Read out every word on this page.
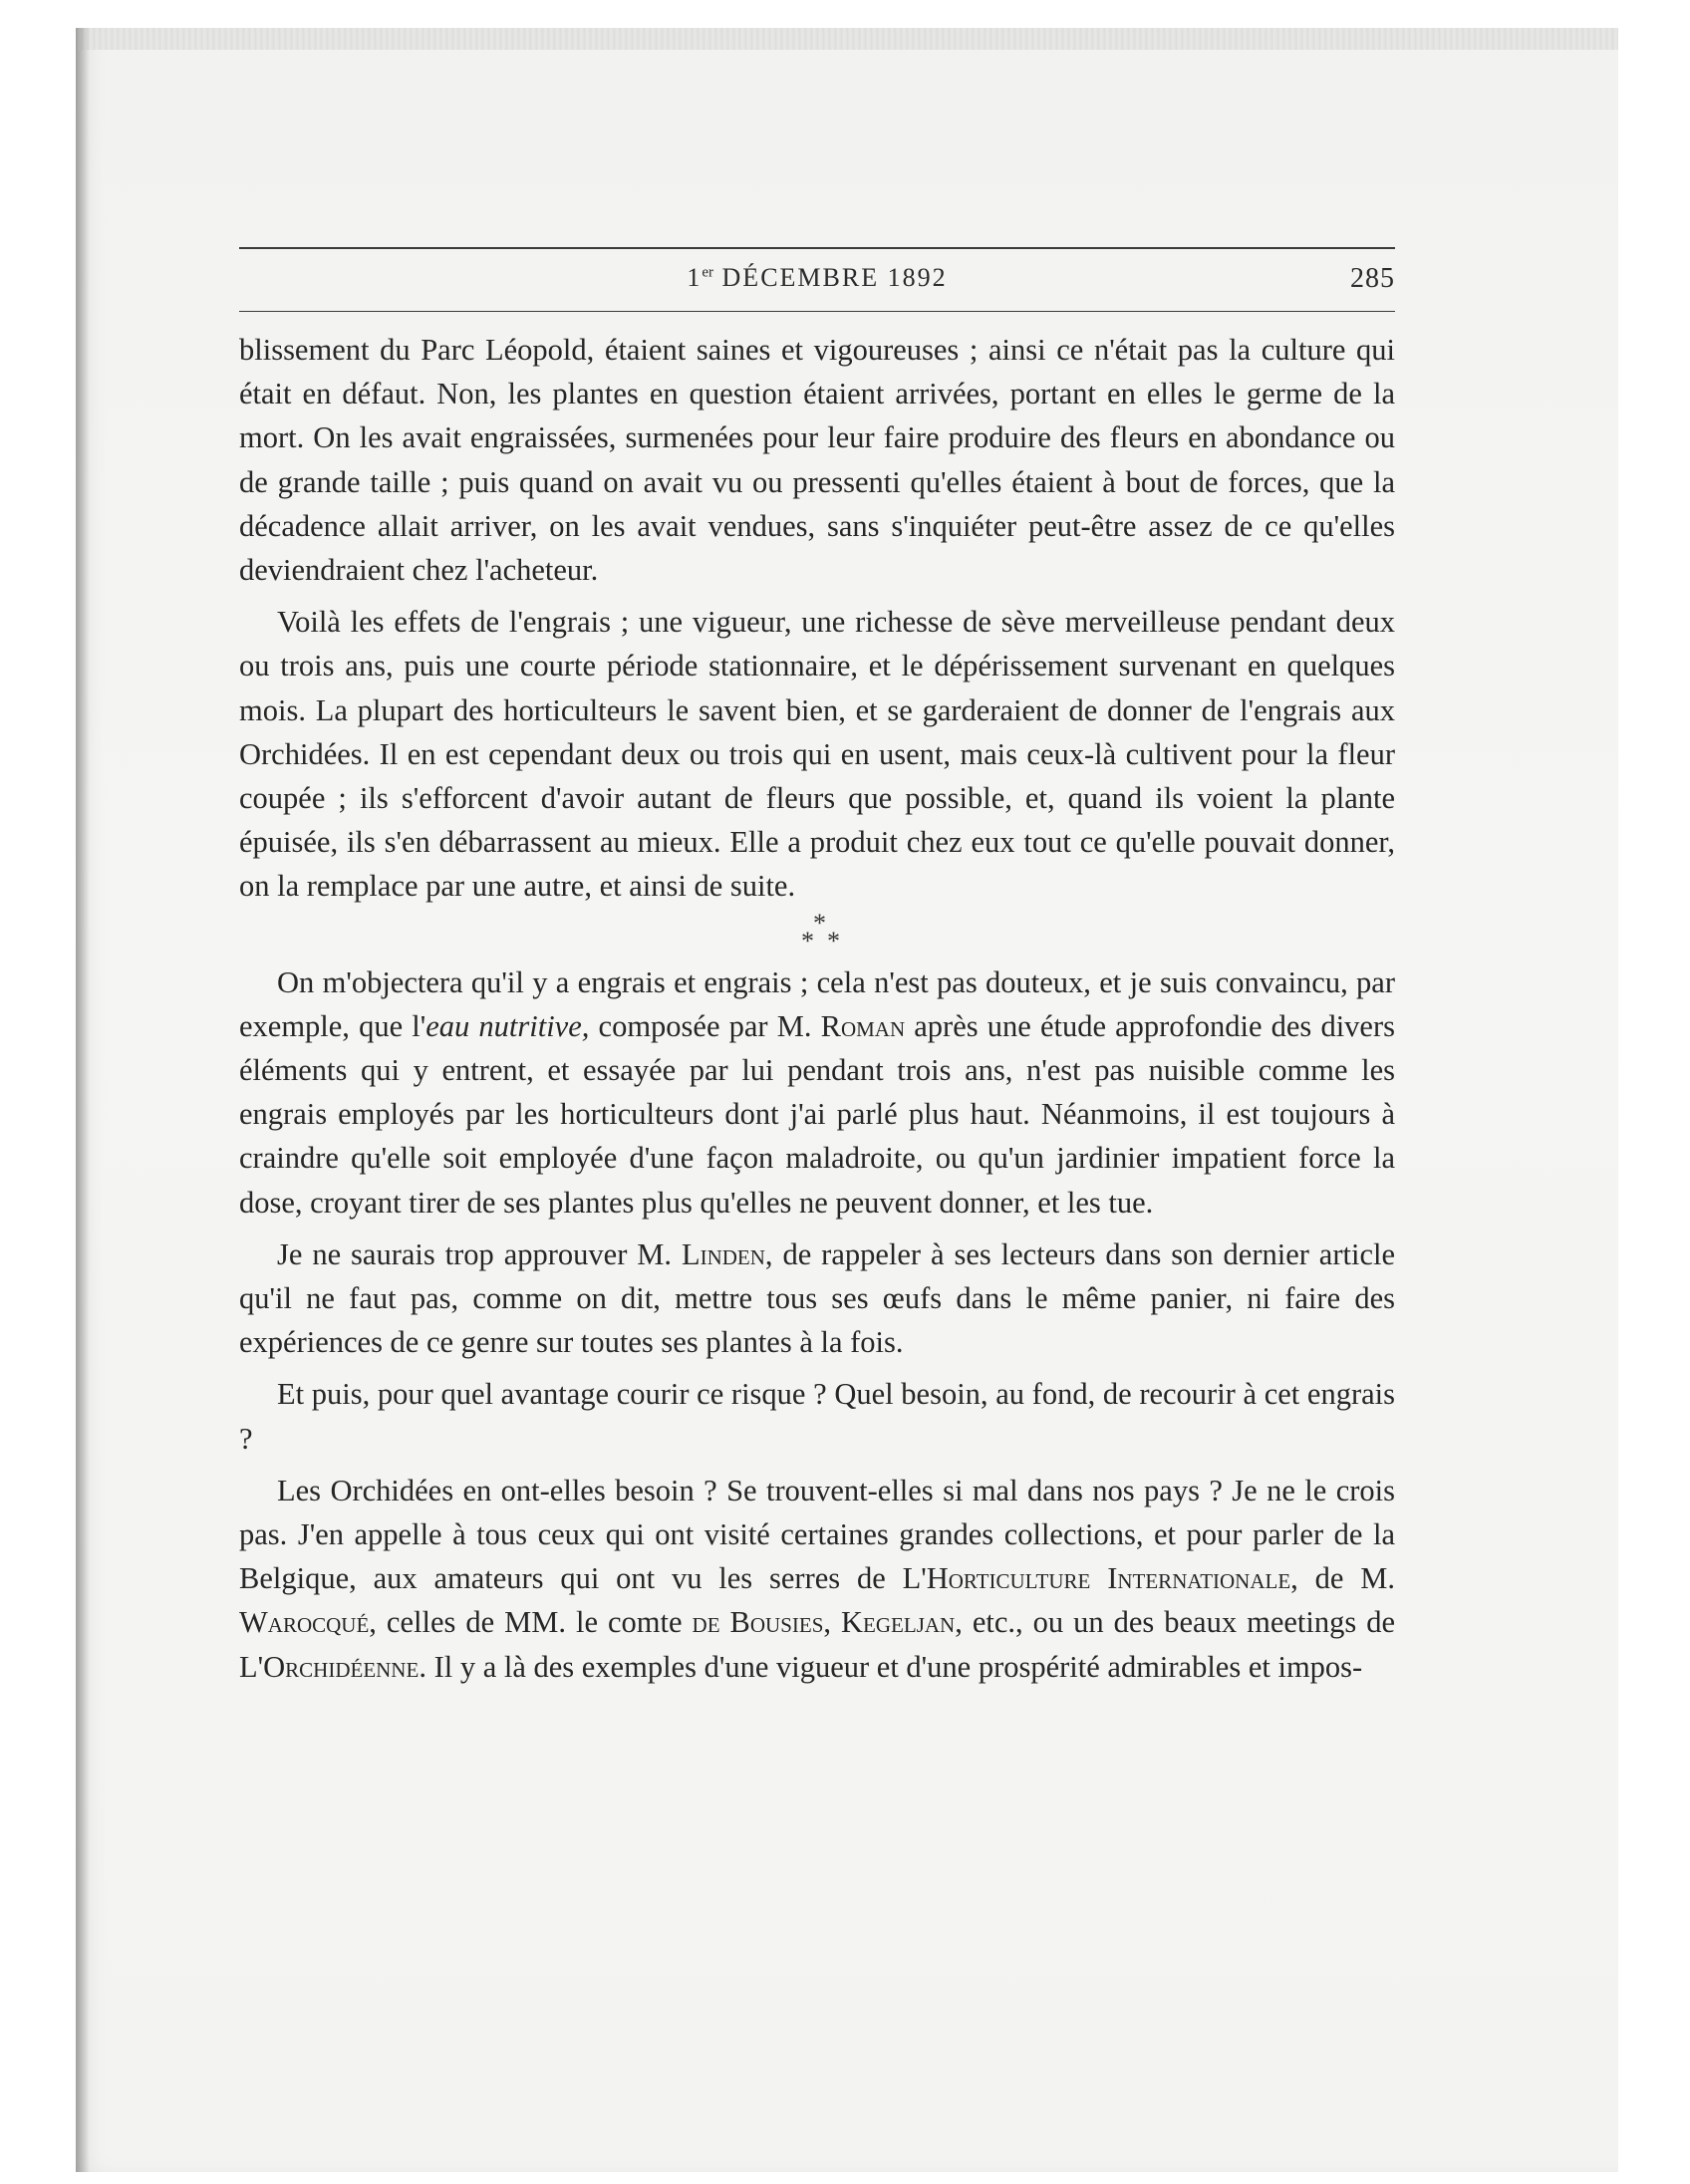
1er DÉCEMBRE 1892	285

blissement du Parc Léopold, étaient saines et vigoureuses ; ainsi ce n'était pas la culture qui était en défaut. Non, les plantes en question étaient arrivées, portant en elles le germe de la mort. On les avait engraissées, surmenées pour leur faire produire des fleurs en abondance ou de grande taille ; puis quand on avait vu ou pressenti qu'elles étaient à bout de forces, que la décadence allait arriver, on les avait vendues, sans s'inquiéter peut-être assez de ce qu'elles deviendraient chez l'acheteur.

Voilà les effets de l'engrais ; une vigueur, une richesse de sève merveilleuse pendant deux ou trois ans, puis une courte période stationnaire, et le dépérissement survenant en quelques mois. La plupart des horticulteurs le savent bien, et se garderaient de donner de l'engrais aux Orchidées. Il en est cependant deux ou trois qui en usent, mais ceux-là cultivent pour la fleur coupée ; ils s'efforcent d'avoir autant de fleurs que possible, et, quand ils voient la plante épuisée, ils s'en débarrassent au mieux. Elle a produit chez eux tout ce qu'elle pouvait donner, on la remplace par une autre, et ainsi de suite.

*
* *

On m'objectera qu'il y a engrais et engrais ; cela n'est pas douteux, et je suis convaincu, par exemple, que l'eau nutritive, composée par M. Roman après une étude approfondie des divers éléments qui y entrent, et essayée par lui pendant trois ans, n'est pas nuisible comme les engrais employés par les horticulteurs dont j'ai parlé plus haut. Néanmoins, il est toujours à craindre qu'elle soit employée d'une façon maladroite, ou qu'un jardinier impatient force la dose, croyant tirer de ses plantes plus qu'elles ne peuvent donner, et les tue.

Je ne saurais trop approuver M. Linden, de rappeler à ses lecteurs dans son dernier article qu'il ne faut pas, comme on dit, mettre tous ses œufs dans le même panier, ni faire des expériences de ce genre sur toutes ses plantes à la fois.

Et puis, pour quel avantage courir ce risque ? Quel besoin, au fond, de recourir à cet engrais ?

Les Orchidées en ont-elles besoin ? Se trouvent-elles si mal dans nos pays ? Je ne le crois pas. J'en appelle à tous ceux qui ont visité certaines grandes collections, et pour parler de la Belgique, aux amateurs qui ont vu les serres de L'Horticulture Internationale, de M. Warocqué, celles de MM. le comte de Bousies, Kegeljan, etc., ou un des beaux meetings de L'Orchidéenne. Il y a là des exemples d'une vigueur et d'une prospérité admirables et impos-
